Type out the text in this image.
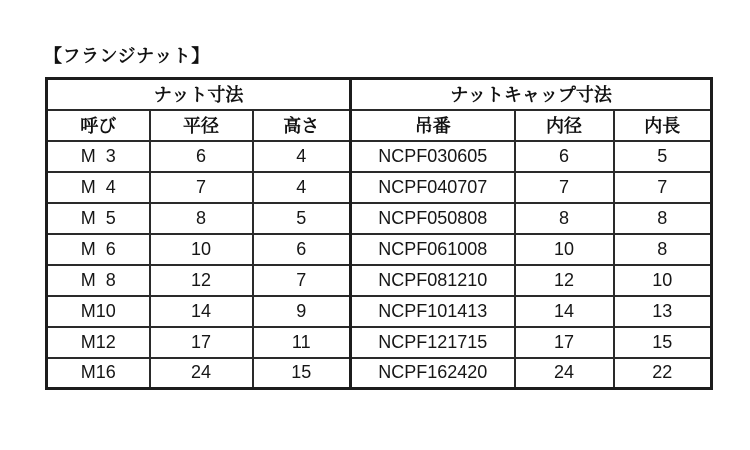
【フランジナット】
ナット寸法			ナットキャップ寸法		
呼び	平径	高さ	吊番	内径	内長
M  3	6	4	NCPF030605	6	5
M  4	7	4	NCPF040707	7	7
M  5	8	5	NCPF050808	8	8
M  6	10	6	NCPF061008	10	8
M  8	12	7	NCPF081210	12	10
M10	14	9	NCPF101413	14	13
M12	17	11	NCPF121715	17	15
M16	24	15	NCPF162420	24	22
